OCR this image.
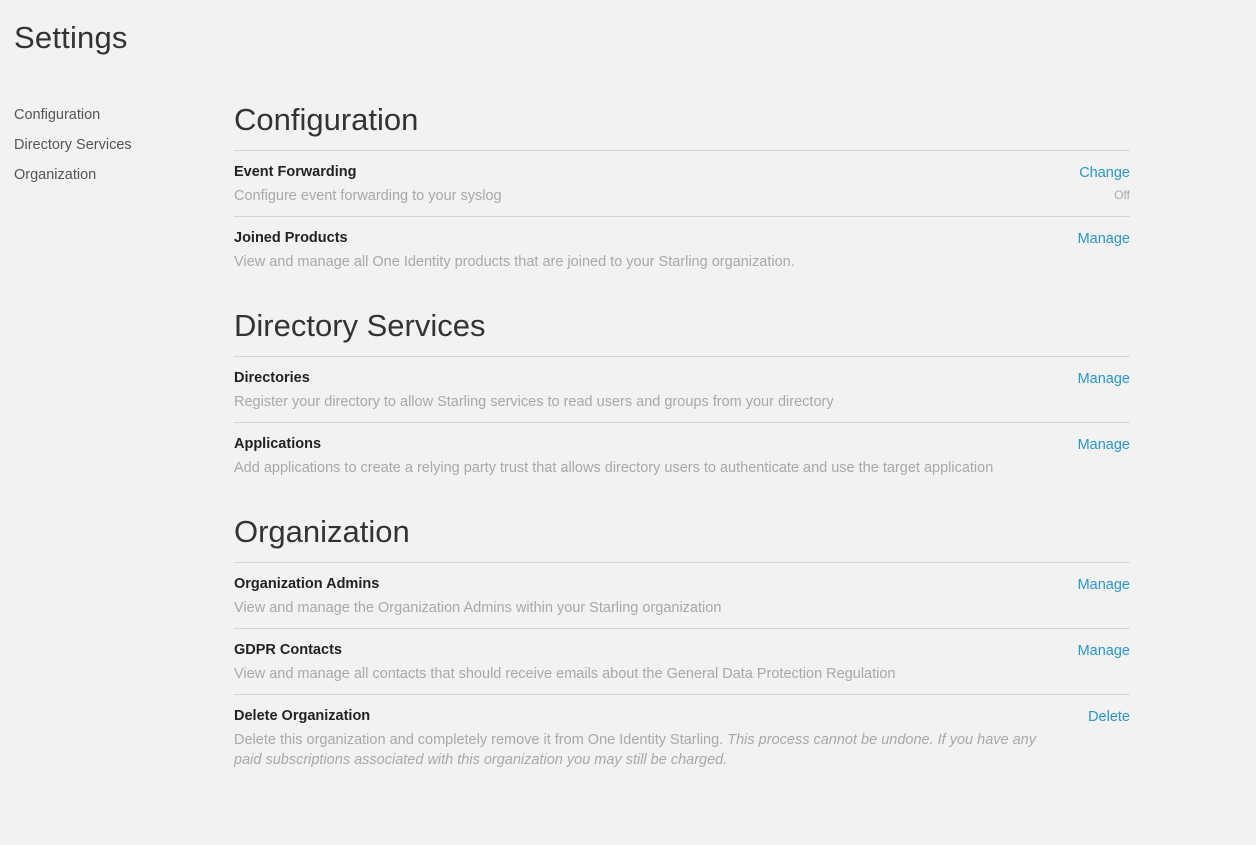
Settings
Configuration
Directory Services
Organization
Configuration
Event Forwarding
Configure event forwarding to your syslog
Change
Off
Joined Products
View and manage all One Identity products that are joined to your Starling organization.
Manage
Directory Services
Directories
Register your directory to allow Starling services to read users and groups from your directory
Manage
Applications
Add applications to create a relying party trust that allows directory users to authenticate and use the target application
Manage
Organization
Organization Admins
View and manage the Organization Admins within your Starling organization
Manage
GDPR Contacts
View and manage all contacts that should receive emails about the General Data Protection Regulation
Manage
Delete Organization
Delete this organization and completely remove it from One Identity Starling. This process cannot be undone. If you have any paid subscriptions associated with this organization you may still be charged.
Delete
